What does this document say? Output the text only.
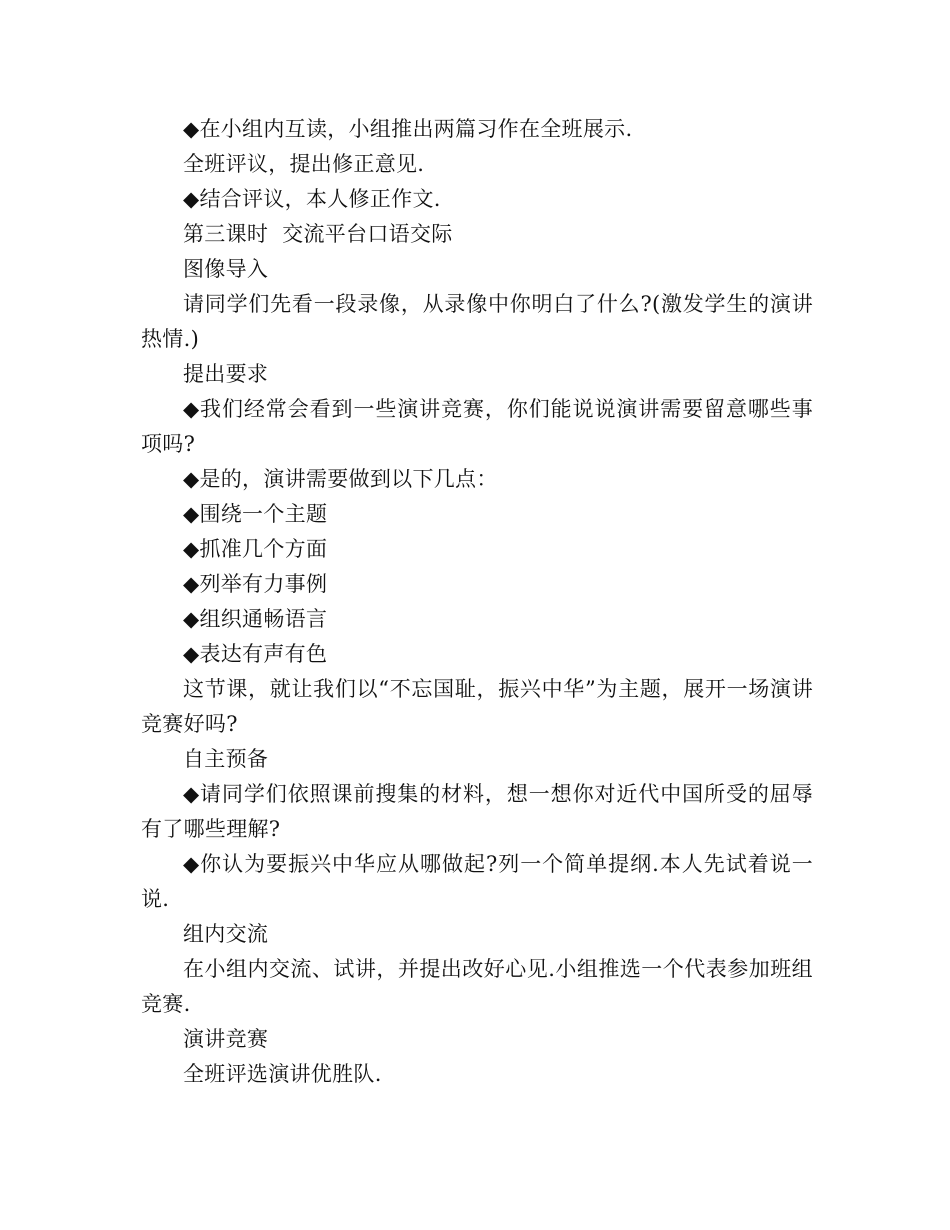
◆在小组内互读，小组推出两篇习作在全班展示.

全班评议，提出修正意见.

◆结合评议，本人修正作文.

第三课时  交流平台口语交际

图像导入

请同学们先看一段录像，从录像中你明白了什么?(激发学生的演讲热情.)

提出要求

◆我们经常会看到一些演讲竞赛，你们能说说演讲需要留意哪些事项吗?

◆是的，演讲需要做到以下几点：

◆围绕一个主题

◆抓准几个方面

◆列举有力事例

◆组织通畅语言

◆表达有声有色

这节课，就让我们以“不忘国耻，振兴中华”为主题，展开一场演讲竞赛好吗?

自主预备

◆请同学们依照课前搜集的材料，想一想你对近代中国所受的屈辱有了哪些理解?

◆你认为要振兴中华应从哪做起?列一个简单提纲.本人先试着说一说.

组内交流

在小组内交流、试讲，并提出改好心见.小组推选一个代表参加班组竞赛.

演讲竞赛

全班评选演讲优胜队.
